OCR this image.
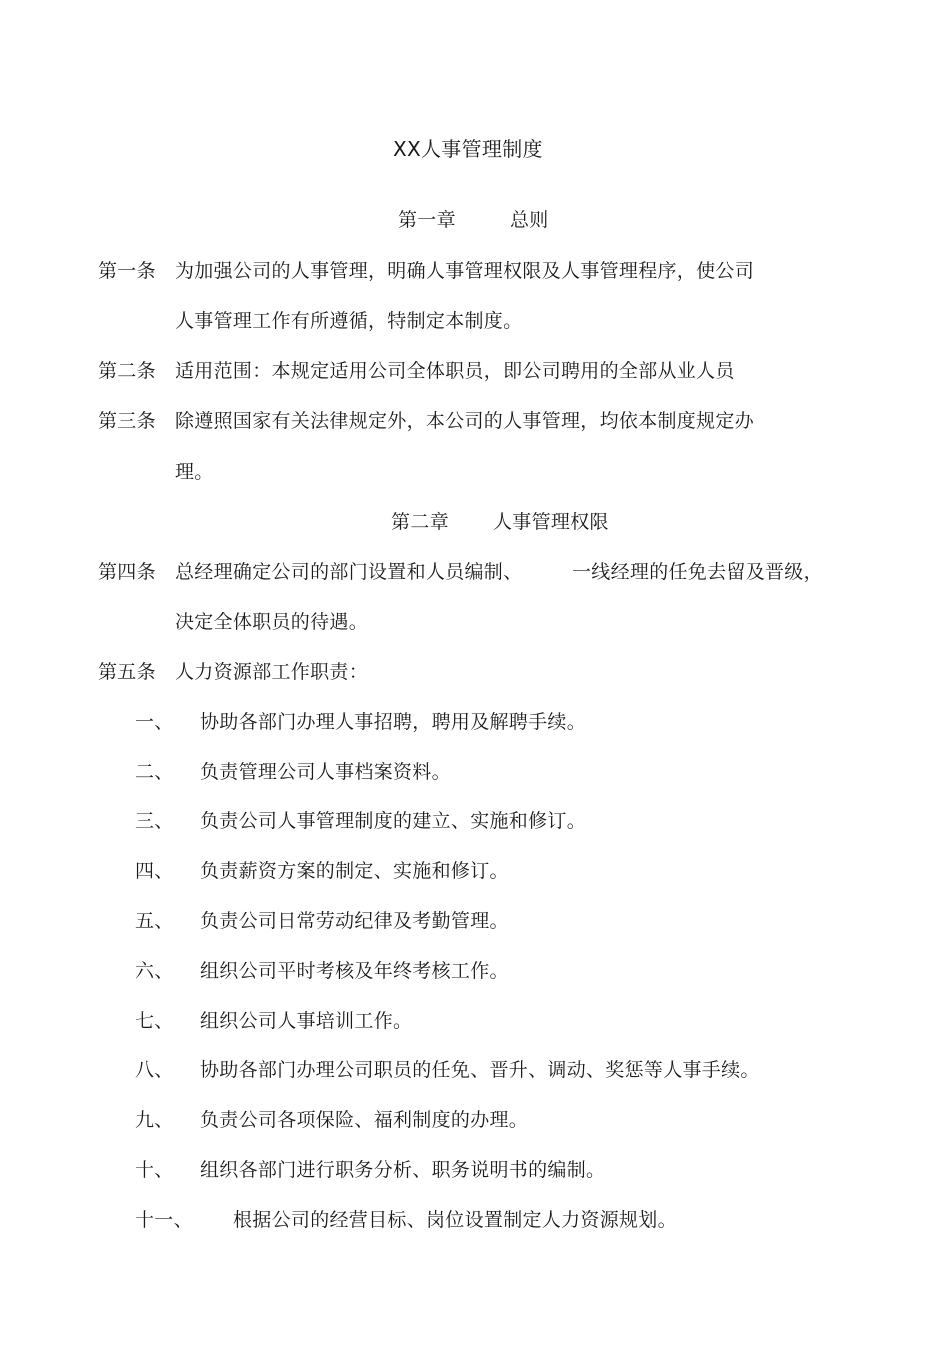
XX人事管理制度
第一章	总则
第一条 为加强公司的人事管理，明确人事管理权限及人事管理程序，使公司
人事管理工作有所遵循，特制定本制度。
第二条 适用范围：本规定适用公司全体职员，即公司聘用的全部从业人员
第三条 除遵照国家有关法律规定外，本公司的人事管理，均依本制度规定办
理。
第二章 人事管理权限
第四条 总经理确定公司的部门设置和人员编制、	一线经理的任免去留及晋级，
决定全体职员的待遇。
第五条 人力资源部工作职责：
一、 协助各部门办理人事招聘，聘用及解聘手续。
二、 负责管理公司人事档案资料。
三、 负责公司人事管理制度的建立、实施和修订。
四、 负责薪资方案的制定、实施和修订。
五、 负责公司日常劳动纪律及考勤管理。
六、 组织公司平时考核及年终考核工作。
七、 组织公司人事培训工作。
八、 协助各部门办理公司职员的任免、晋升、调动、奖惩等人事手续。
九、 负责公司各项保险、福利制度的办理。
十、 组织各部门进行职务分析、职务说明书的编制。
十一、 根据公司的经营目标、岗位设置制定人力资源规划。
